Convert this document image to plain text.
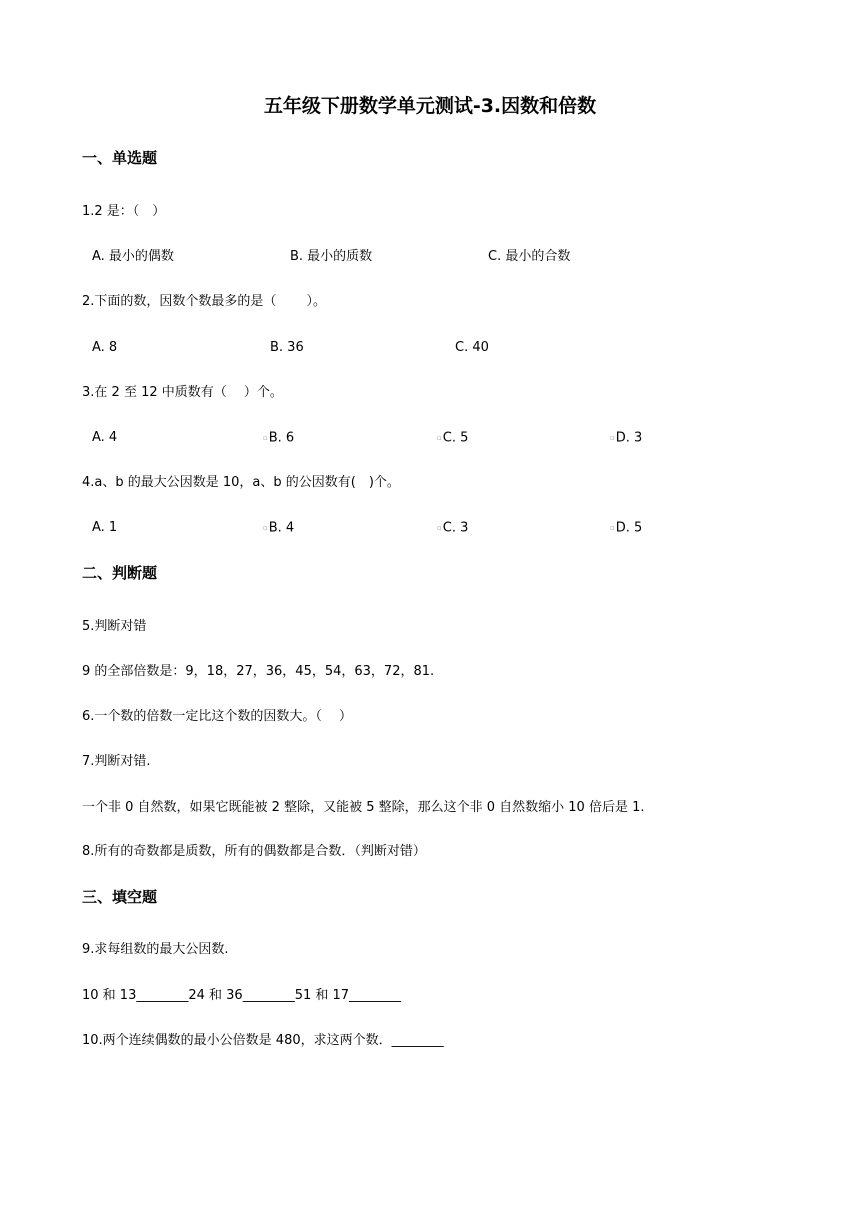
五年级下册数学单元测试-3.因数和倍数
一、单选题
1.2 是：（　）
A. 最小的偶数	B. 最小的质数	C. 最小的合数
2.下面的数，因数个数最多的是（　　 ）。
A. 8	B. 36	C. 40
3.在 2 至 12 中质数有（　 ）个。
A. 4	▫B. 6	▫C. 5	▫D. 3
4.a、b 的最大公因数是 10，a、b 的公因数有(　)个。
A. 1	▫B. 4	▫C. 3	▫D. 5
二、判断题
5.判断对错
9 的全部倍数是：9，18，27，36，45，54，63，72，81.
6.一个数的倍数一定比这个数的因数大。（　 ）
7.判断对错.
一个非 0 自然数，如果它既能被 2 整除，又能被 5 整除，那么这个非 0 自然数缩小 10 倍后是 1.
8.所有的奇数都是质数，所有的偶数都是合数．（判断对错）
三、填空题
9.求每组数的最大公因数.
10 和 13________24 和 36________51 和 17________
10.两个连续偶数的最小公倍数是 480，求这两个数．________
